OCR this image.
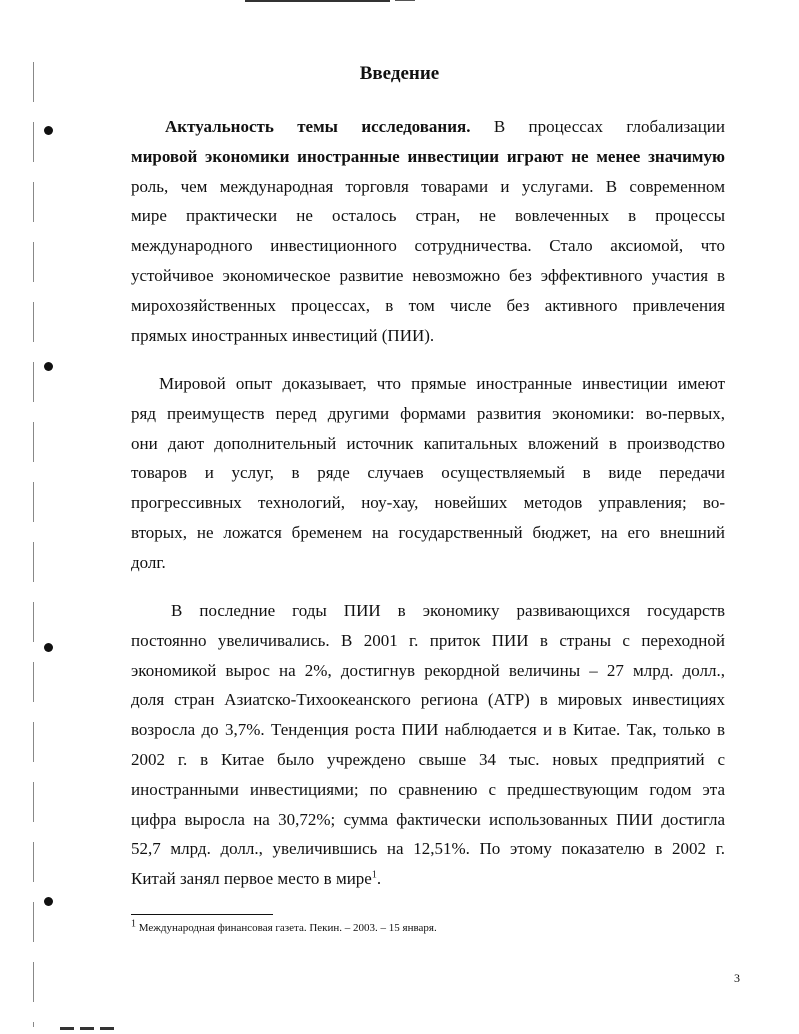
Введение

Актуальность темы исследования. В процессах глобализации
мировой экономики иностранные инвестиции играют не менее значимую
роль, чем международная торговля товарами и услугами. В современном
мире практически не осталось стран, не вовлеченных в процессы
международного инвестиционного сотрудничества. Стало аксиомой, что
устойчивое экономическое развитие невозможно без эффективного участия в
мирохозяйственных процессах, в том числе без активного привлечения
прямых иностранных инвестиций (ПИИ).

Мировой опыт доказывает, что прямые иностранные инвестиции имеют
ряд преимуществ перед другими формами развития экономики: во-первых,
они дают дополнительный источник капитальных вложений в производство
товаров и услуг, в ряде случаев осуществляемый в виде передачи
прогрессивных технологий, ноу-хау, новейших методов управления; во-
вторых, не ложатся бременем на государственный бюджет, на его внешний
долг.

В последние годы ПИИ в экономику развивающихся государств
постоянно увеличивались. В 2001 г. приток ПИИ в страны с переходной
экономикой вырос на 2%, достигнув рекордной величины – 27 млрд. долл.,
доля стран Азиатско-Тихоокеанского региона (АТР) в мировых инвестициях
возросла до 3,7%. Тенденция роста ПИИ наблюдается и в Китае. Так, только в
2002 г. в Китае было учреждено свыше 34 тыс. новых предприятий с
иностранными инвестициями; по сравнению с предшествующим годом эта
цифра выросла на 30,72%; сумма фактически использованных ПИИ достигла
52,7 млрд. долл., увеличившись на 12,51%. По этому показателю в 2002 г.
Китай занял первое место в мире$^1$.

$^1$ Международная финансовая газета. Пекин. – 2003. – 15 января.
3
